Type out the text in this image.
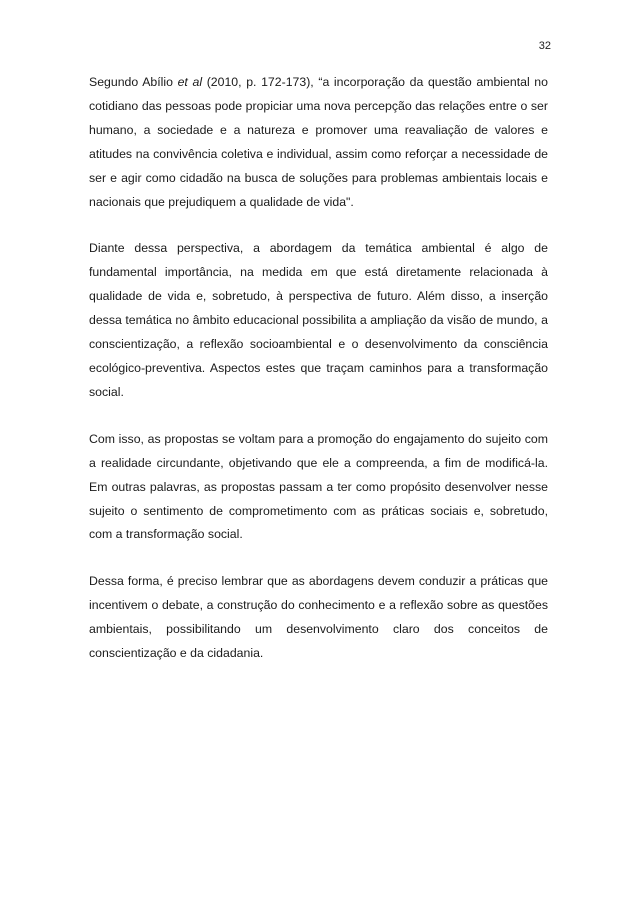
32

Segundo Abílio et al (2010, p. 172-173), “a incorporação da questão ambiental no cotidiano das pessoas pode propiciar uma nova percepção das relações entre o ser humano, a sociedade e a natureza e promover uma reavaliação de valores e atitudes na convivência coletiva e individual, assim como reforçar a necessidade de ser e agir como cidadão na busca de soluções para problemas ambientais locais e nacionais que prejudiquem a qualidade de vida".

Diante dessa perspectiva, a abordagem da temática ambiental é algo de fundamental importância, na medida em que está diretamente relacionada à qualidade de vida e, sobretudo, à perspectiva de futuro. Além disso, a inserção dessa temática no âmbito educacional possibilita a ampliação da visão de mundo, a conscientização, a reflexão socioambiental e o desenvolvimento da consciência ecológico-preventiva. Aspectos estes que traçam caminhos para a transformação social.

Com isso, as propostas se voltam para a promoção do engajamento do sujeito com a realidade circundante, objetivando que ele a compreenda, a fim de modificá-la. Em outras palavras, as propostas passam a ter como propósito desenvolver nesse sujeito o sentimento de comprometimento com as práticas sociais e, sobretudo, com a transformação social.

Dessa forma, é preciso lembrar que as abordagens devem conduzir a práticas que incentivem o debate, a construção do conhecimento e a reflexão sobre as questões ambientais, possibilitando um desenvolvimento claro dos conceitos de conscientização e da cidadania.
